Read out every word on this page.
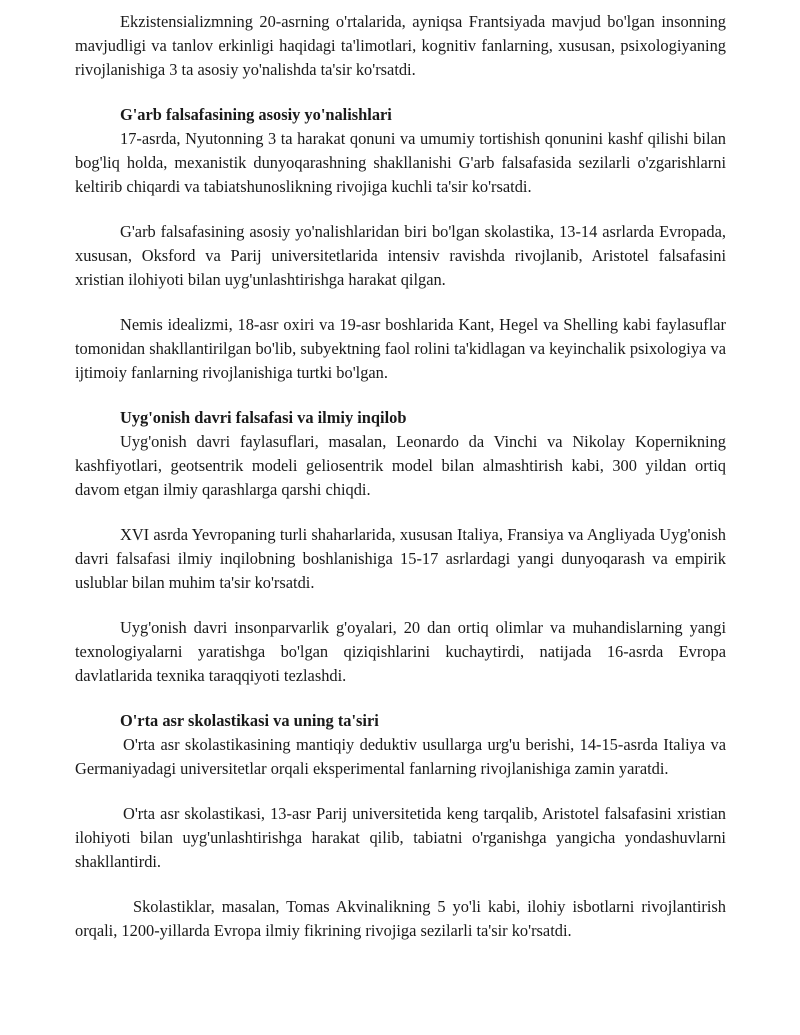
Ekzistensializmning 20-asrning o'rtalarida, ayniqsa Frantsiyada mavjud bo'lgan insonning mavjudligi va tanlov erkinligi haqidagi ta'limotlari, kognitiv fanlarning, xususan, psixologiyaning rivojlanishiga 3 ta asosiy yo'nalishda ta'sir ko'rsatdi.

G'arb falsafasining asosiy yo'nalishlari

17-asrda, Nyutonning 3 ta harakat qonuni va umumiy tortishish qonunini kashf qilishi bilan bog'liq holda, mexanistik dunyoqarashning shakllanishi G'arb falsafasida sezilarli o'zgarishlarni keltirib chiqardi va tabiatshunoslikning rivojiga kuchli ta'sir ko'rsatdi.

G'arb falsafasining asosiy yo'nalishlaridan biri bo'lgan skolastika, 13-14 asrlarda Evropada, xususan, Oksford va Parij universitetlarida intensiv ravishda rivojlanib, Aristotel falsafasini xristian ilohiyoti bilan uyg'unlashtirishga harakat qilgan.

Nemis idealizmi, 18-asr oxiri va 19-asr boshlarida Kant, Hegel va Shelling kabi faylasuflar tomonidan shakllantirilgan bo'lib, subyektning faol rolini ta'kidlagan va keyinchalik psixologiya va ijtimoiy fanlarning rivojlanishiga turtki bo'lgan.

Uyg'onish davri falsafasi va ilmiy inqilob

Uyg'onish davri faylasuflari, masalan, Leonardo da Vinchi va Nikolay Kopernikning kashfiyotlari, geotsentrik modeli geliosentrik model bilan almashtirish kabi, 300 yildan ortiq davom etgan ilmiy qarashlarga qarshi chiqdi.

XVI asrda Yevropaning turli shaharlarida, xususan Italiya, Fransiya va Angliyada Uyg'onish davri falsafasi ilmiy inqilobning boshlanishiga 15-17 asrlardagi yangi dunyoqarash va empirik uslublar bilan muhim ta'sir ko'rsatdi.

Uyg'onish davri insonparvarlik g'oyalari, 20 dan ortiq olimlar va muhandislarning yangi texnologiyalarni yaratishga bo'lgan qiziqishlarini kuchaytirdi, natijada 16-asrda Evropa davlatlarida texnika taraqqiyoti tezlashdi.

O'rta asr skolastikasi va uning ta'siri

O'rta asr skolastikasining mantiqiy deduktiv usullarga urg'u berishi, 14-15-asrda Italiya va Germaniyadagi universitetlar orqali eksperimental fanlarning rivojlanishiga zamin yaratdi.

O'rta asr skolastikasi, 13-asr Parij universitetida keng tarqalib, Aristotel falsafasini xristian ilohiyoti bilan uyg'unlashtirishga harakat qilib, tabiatni o'rganishga yangicha yondashuvlarni shakllantirdi.

Skolastiklar, masalan, Tomas Akvinalikning 5 yo'li kabi, ilohiy isbotlarni rivojlantirish orqali, 1200-yillarda Evropa ilmiy fikrining rivojiga sezilarli ta'sir ko'rsatdi.
